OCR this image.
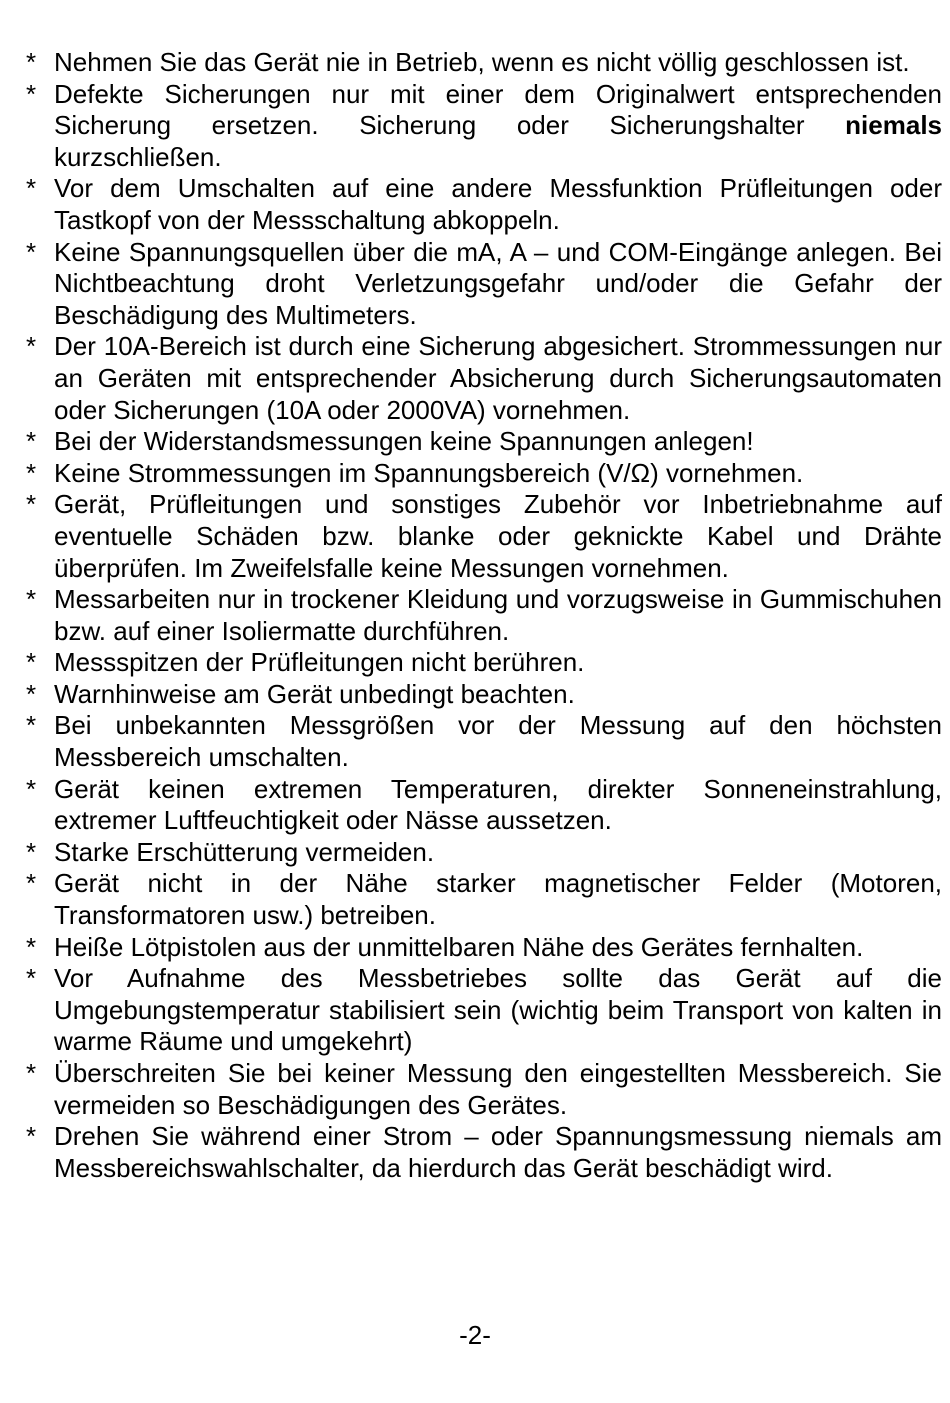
* Nehmen Sie das Gerät nie in Betrieb, wenn es nicht völlig geschlossen ist.
* Defekte Sicherungen nur mit einer dem Originalwert entsprechenden Sicherung ersetzen. Sicherung oder Sicherungshalter niemals kurzschließen.
* Vor dem Umschalten auf eine andere Messfunktion Prüfleitungen oder Tastkopf von der Messschaltung abkoppeln.
* Keine Spannungsquellen über die mA, A – und COM-Eingänge anlegen. Bei Nichtbeachtung droht Verletzungsgefahr und/oder die Gefahr der Beschädigung des Multimeters.
* Der 10A-Bereich ist durch eine Sicherung abgesichert. Strommessungen nur an Geräten mit entsprechender Absicherung durch Sicherungsautomaten oder Sicherungen (10A oder 2000VA) vornehmen.
* Bei der Widerstandsmessungen keine Spannungen anlegen!
* Keine Strommessungen im Spannungsbereich (V/Ω) vornehmen.
* Gerät, Prüfleitungen und sonstiges Zubehör vor Inbetriebnahme auf eventuelle Schäden bzw. blanke oder geknickte Kabel und Drähte überprüfen. Im Zweifelsfalle keine Messungen vornehmen.
* Messarbeiten nur in trockener Kleidung und vorzugsweise in Gummischuhen bzw. auf einer Isoliermatte durchführen.
* Messspitzen der Prüfleitungen nicht berühren.
* Warnhinweise am Gerät unbedingt beachten.
* Bei unbekannten Messgrößen vor der Messung auf den höchsten Messbereich umschalten.
* Gerät keinen extremen Temperaturen, direkter Sonneneinstrahlung, extremer Luftfeuchtigkeit oder Nässe aussetzen.
* Starke Erschütterung vermeiden.
* Gerät nicht in der Nähe starker magnetischer Felder (Motoren, Transformatoren usw.) betreiben.
* Heiße Lötpistolen aus der unmittelbaren Nähe des Gerätes fernhalten.
* Vor Aufnahme des Messbetriebes sollte das Gerät auf die Umgebungstemperatur stabilisiert sein (wichtig beim Transport von kalten in warme Räume und umgekehrt)
* Überschreiten Sie bei keiner Messung den eingestellten Messbereich. Sie vermeiden so Beschädigungen des Gerätes.
* Drehen Sie während einer Strom – oder Spannungsmessung niemals am Messbereichswahlschalter, da hierdurch das Gerät beschädigt wird.
-2-
